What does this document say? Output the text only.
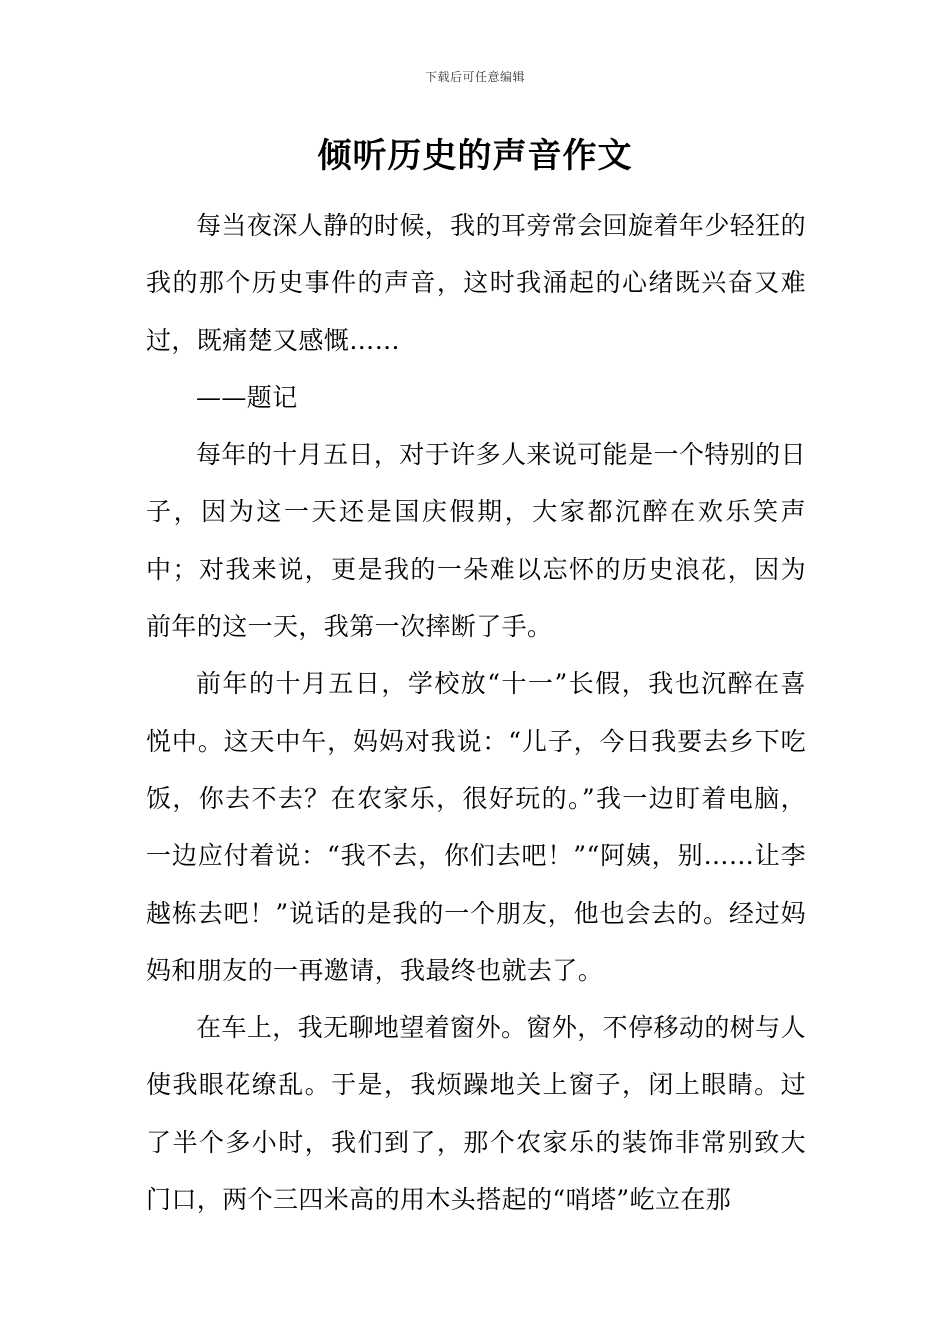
下载后可任意编辑
倾听历史的声音作文

每当夜深人静的时候，我的耳旁常会回旋着年少轻狂的我的那个历史事件的声音，这时我涌起的心绪既兴奋又难过，既痛楚又感慨……

——题记

每年的十月五日，对于许多人来说可能是一个特别的日子，因为这一天还是国庆假期，大家都沉醉在欢乐笑声中；对我来说，更是我的一朵难以忘怀的历史浪花，因为前年的这一天，我第一次摔断了手。

前年的十月五日，学校放“十一”长假，我也沉醉在喜悦中。这天中午，妈妈对我说：“儿子，今日我要去乡下吃饭，你去不去？在农家乐，很好玩的。”我一边盯着电脑，一边应付着说：“我不去，你们去吧！”“阿姨，别……让李越栋去吧！”说话的是我的一个朋友，他也会去的。经过妈妈和朋友的一再邀请，我最终也就去了。

在车上，我无聊地望着窗外。窗外，不停移动的树与人使我眼花缭乱。于是，我烦躁地关上窗子，闭上眼睛。过了半个多小时，我们到了，那个农家乐的装饰非常别致大门口，两个三四米高的用木头搭起的“哨塔”屹立在那
